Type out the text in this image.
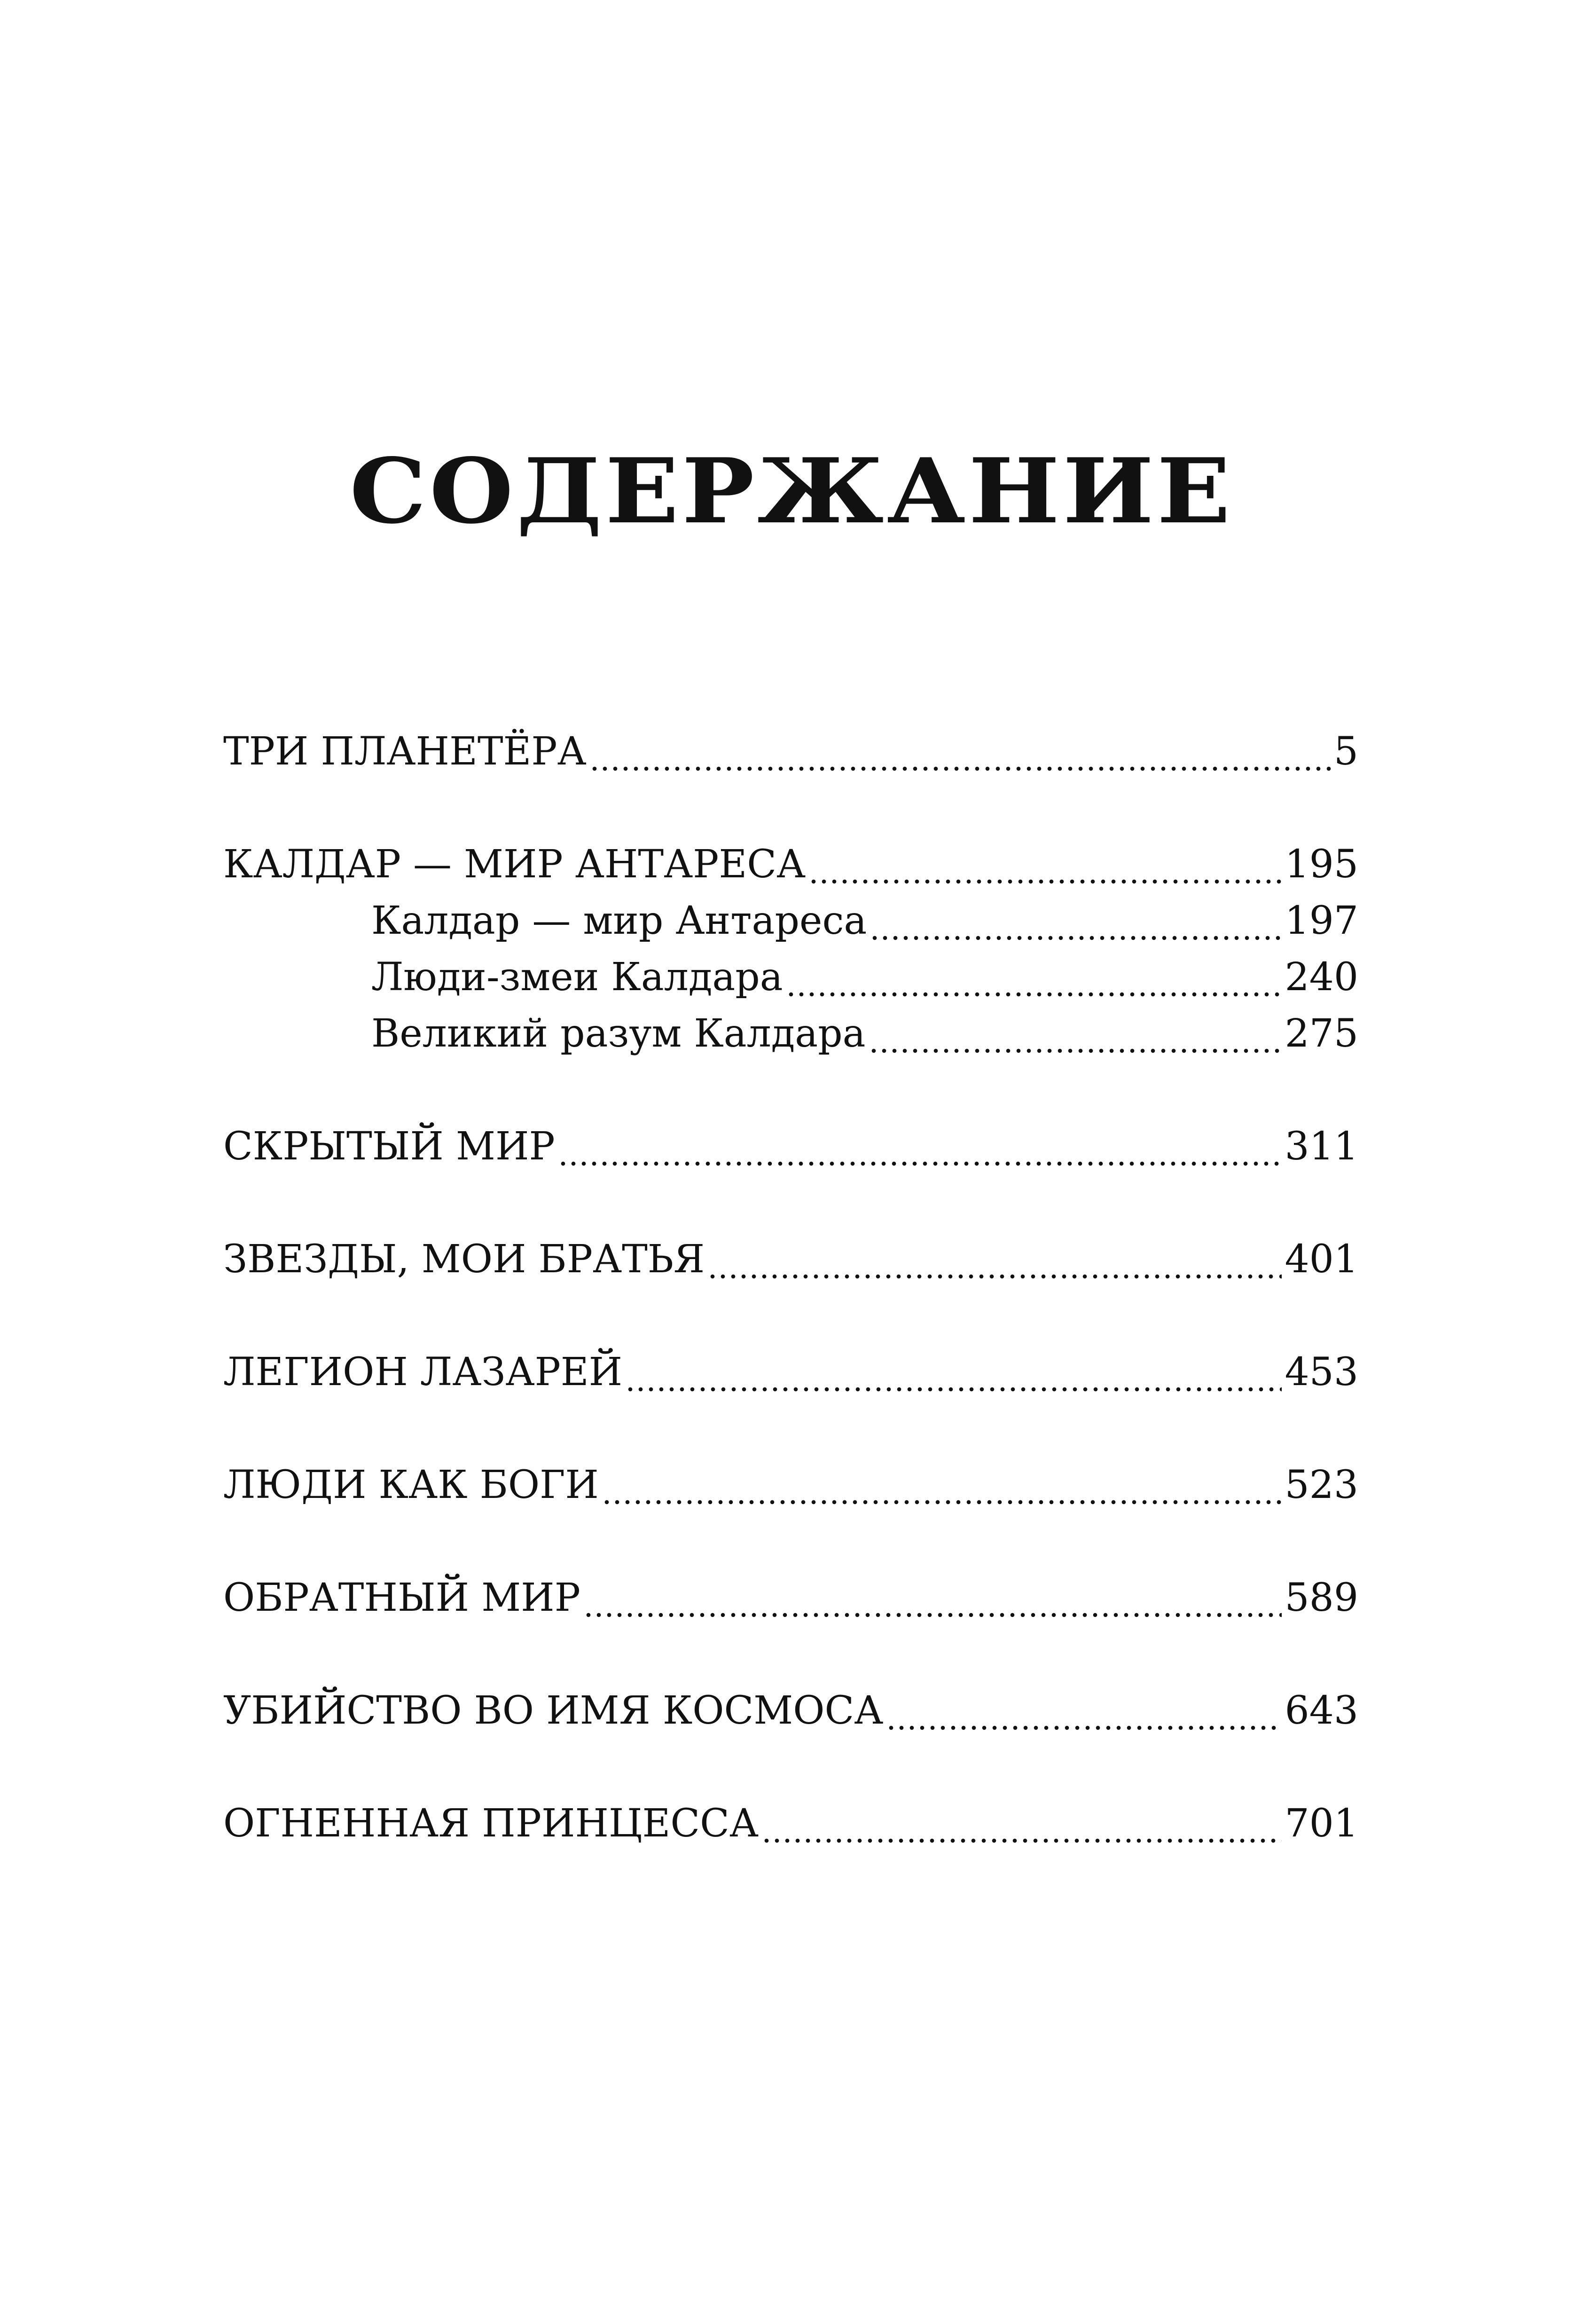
СОДЕРЖАНИЕ
ТРИ ПЛАНЕТЁРА	5
КАЛДАР — МИР АНТАРЕСА	195
Калдар — мир Антареса	197
Люди-змеи Калдара	240
Великий разум Калдара	275
СКРЫТЫЙ МИР	311
ЗВЕЗДЫ, МОИ БРАТЬЯ	401
ЛЕГИОН ЛАЗАРЕЙ	453
ЛЮДИ КАК БОГИ	523
ОБРАТНЫЙ МИР	589
УБИЙСТВО ВО ИМЯ КОСМОСА	643
ОГНЕННАЯ ПРИНЦЕССА	701
